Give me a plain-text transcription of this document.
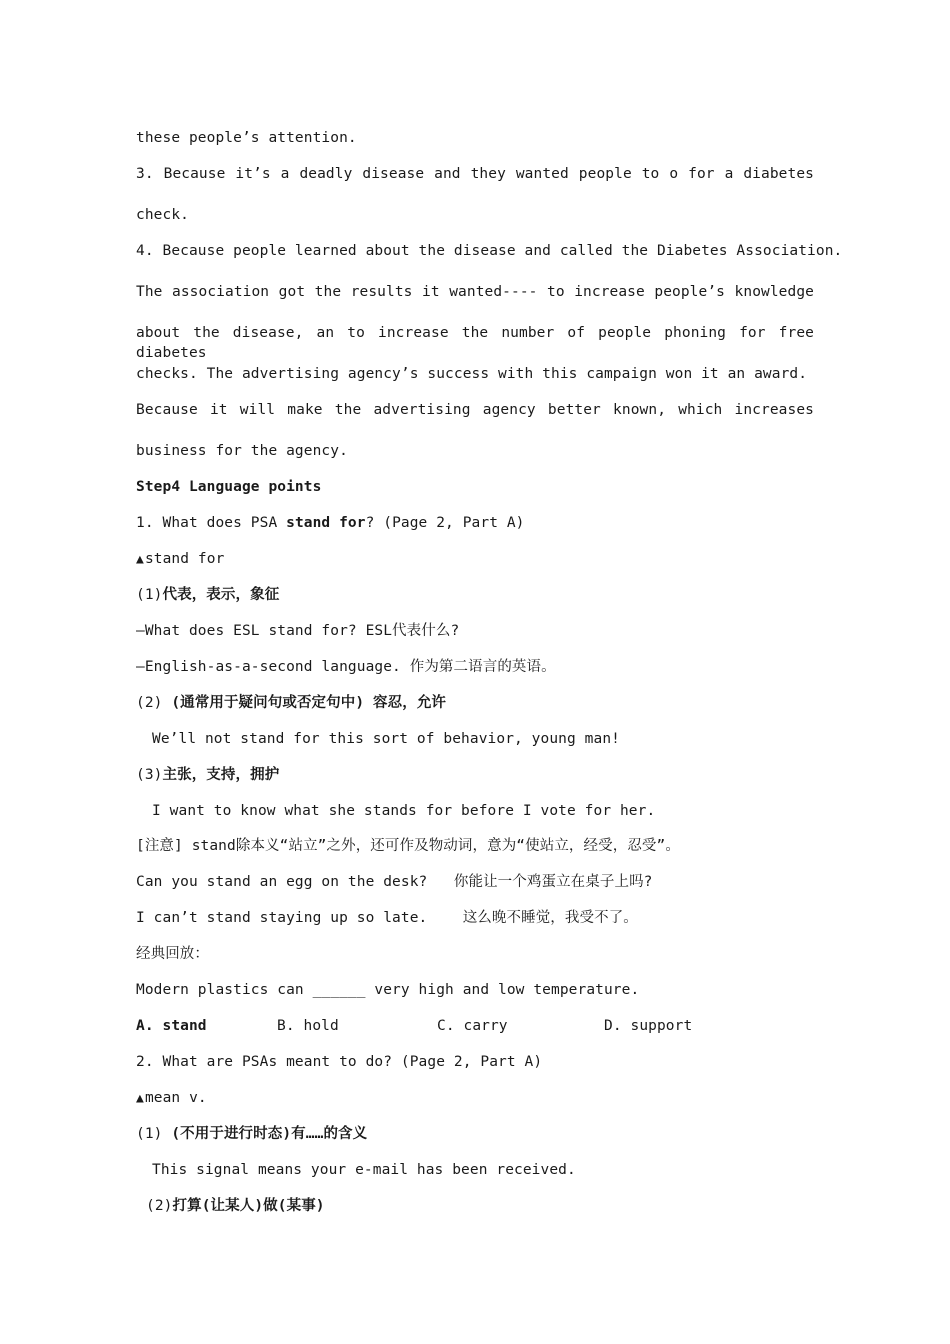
these people’s attention.
3. Because it’s a deadly disease and they wanted people to o for a diabetes
check.
4. Because people learned about the disease and called the Diabetes Association.
The association got the results it wanted---- to increase people’s knowledge
about the disease, an to increase the number of people phoning for free diabetes
checks. The advertising agency’s success with this campaign won it an award.
Because it will make the advertising agency better known, which increases
business for the agency.
Step4 Language points
1. What does PSA stand for? (Page 2, Part A)
▲stand for
(1)代表，表示，象征
—What does ESL stand for? ESL代表什么?
—English-as-a-second language. 作为第二语言的英语。
(2) (通常用于疑问句或否定句中) 容忍，允许
We’ll not stand for this sort of behavior, young man!
(3)主张，支持，拥护
I want to know what she stands for before I vote for her.
[注意] stand除本义“站立”之外，还可作及物动词，意为“使站立，经受，忍受”。
Can you stand an egg on the desk?   你能让一个鸡蛋立在桌子上吗?
I can’t stand staying up so late.    这么晚不睡觉，我受不了。
经典回放：
Modern plastics can ______ very high and low temperature.
A. stand	B. hold	C. carry	D. support
2. What are PSAs meant to do? (Page 2, Part A)
▲mean v.
(1) (不用于进行时态)有……的含义
This signal means your e-mail has been received.
(2)打算(让某人)做(某事)
